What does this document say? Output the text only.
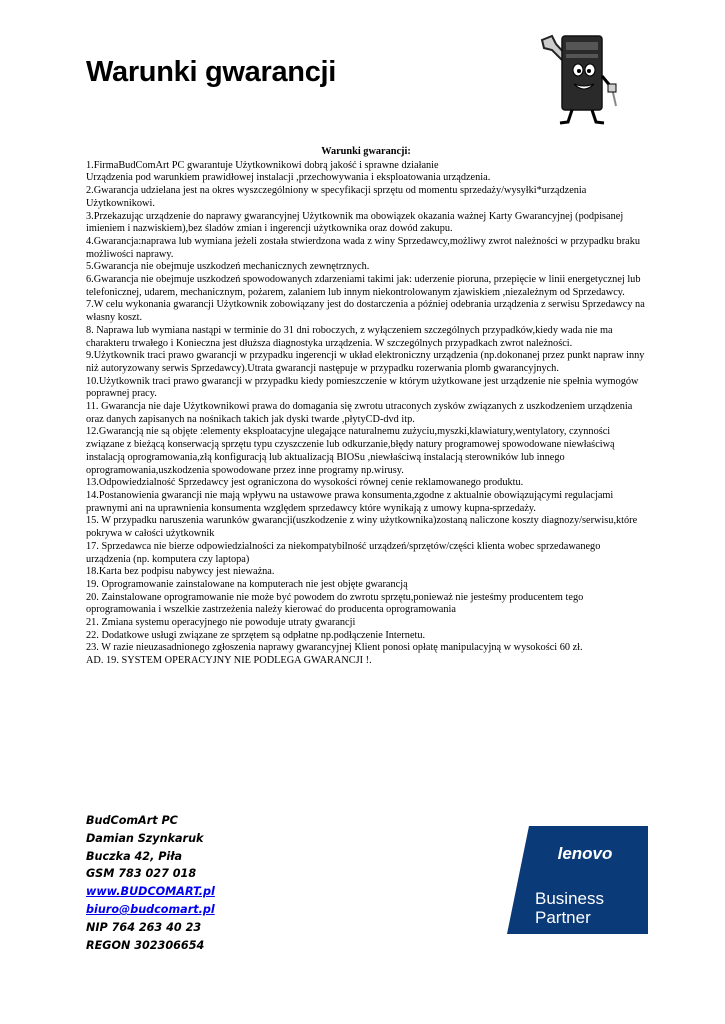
Warunki gwarancji

Warunki gwarancji:

1.FirmaBudComArt PC gwarantuje Użytkownikowi dobrą jakość i sprawne działanie

Urządzenia pod warunkiem prawidłowej instalacji ,przechowywania i eksploatowania urządzenia.

2.Gwarancja udzielana jest na okres wyszczególniony w specyfikacji sprzętu od momentu sprzedaży/wysyłki*urządzenia Użytkownikowi.

3.Przekazując urządzenie do naprawy gwarancyjnej Użytkownik ma obowiązek okazania ważnej Karty Gwarancyjnej (podpisanej imieniem i nazwiskiem),bez śladów zmian i ingerencji użytkownika oraz dowód zakupu.

4.Gwarancja:naprawa lub wymiana jeżeli została stwierdzona wada z winy Sprzedawcy,możliwy zwrot należności w przypadku braku możliwości naprawy.

5.Gwarancja nie obejmuje uszkodzeń mechanicznych zewnętrznych.

6.Gwarancja nie obejmuje uszkodzeń spowodowanych zdarzeniami takimi jak: uderzenie pioruna, przepięcie w linii energetycznej lub telefonicznej, udarem, mechanicznym, pożarem, zalaniem lub innym niekontrolowanym zjawiskiem ,niezależnym od Sprzedawcy.

7.W celu wykonania gwarancji Użytkownik zobowiązany jest do dostarczenia a później odebrania urządzenia z serwisu Sprzedawcy na własny koszt.

8. Naprawa lub wymiana nastąpi w terminie do 31 dni roboczych, z wyłączeniem szczególnych przypadków,kiedy wada nie ma charakteru trwałego i Konieczna jest dłuższa diagnostyka urządzenia. W szczególnych przypadkach zwrot należności.

9.Użytkownik traci prawo gwarancji w przypadku ingerencji w układ elektroniczny urządzenia (np.dokonanej przez punkt napraw inny niż autoryzowany serwis Sprzedawcy).Utrata gwarancji następuje w przypadku rozerwania plomb gwarancyjnych.

10.Użytkownik traci prawo gwarancji w przypadku kiedy pomieszczenie w którym użytkowane jest urządzenie nie spełnia wymogów poprawnej pracy.

11. Gwarancja nie daje Użytkownikowi prawa do domagania się zwrotu utraconych zysków związanych z uszkodzeniem urządzenia oraz danych zapisanych na nośnikach takich jak dyski twarde ,płytyCD-dvd itp.

12.Gwarancją nie są objęte :elementy eksploatacyjne ulegające naturalnemu zużyciu,myszki,klawiatury,wentylatory, czynności związane z bieżącą konserwacją sprzętu typu czyszczenie lub odkurzanie,błędy natury programowej spowodowane niewłaściwą instalacją oprogramowania,złą konfiguracją lub aktualizacją BIOSu ,niewłaściwą instalacją sterowników lub innego oprogramowania,uszkodzenia spowodowane przez inne programy np.wirusy.

13.Odpowiedzialność Sprzedawcy jest ograniczona do wysokości równej cenie reklamowanego produktu.

14.Postanowienia gwarancji nie mają wpływu na ustawowe prawa konsumenta,zgodne z aktualnie obowiązującymi regulacjami prawnymi ani na uprawnienia konsumenta względem sprzedawcy które wynikają z umowy kupna-sprzedaży.

15. W przypadku naruszenia warunków gwarancji(uszkodzenie z winy użytkownika)zostaną naliczone koszty diagnozy/serwisu,które pokrywa w całości użytkownik

17. Sprzedawca nie bierze odpowiedzialności za niekompatybilność urządzeń/sprzętów/części klienta wobec sprzedawanego urządzenia (np. komputera czy laptopa)

18.Karta bez podpisu nabywcy jest nieważna.

19. Oprogramowanie zainstalowane na komputerach nie jest objęte gwarancją

20. Zainstalowane oprogramowanie nie może być powodem do zwrotu sprzętu,ponieważ nie jesteśmy producentem tego oprogramowania i wszelkie zastrzeżenia należy kierować do producenta oprogramowania

21. Zmiana systemu operacyjnego nie powoduje utraty gwarancji

22. Dodatkowe usługi związane ze sprzętem są odpłatne np.podłączenie Internetu.

23. W razie nieuzasadnionego zgłoszenia naprawy gwarancyjnej Klient ponosi opłatę manipulacyjną w wysokości 60 zł.

AD. 19. SYSTEM OPERACYJNY NIE PODLEGA GWARANCJI !.

BudComArt PC
Damian Szynkaruk
Buczka 42, Piła
GSM 783 027 018
www.BUDCOMART.pl
biuro@budcomart.pl
NIP 764 263 40 23
REGON 302306654
lenovo
Business
Partner
